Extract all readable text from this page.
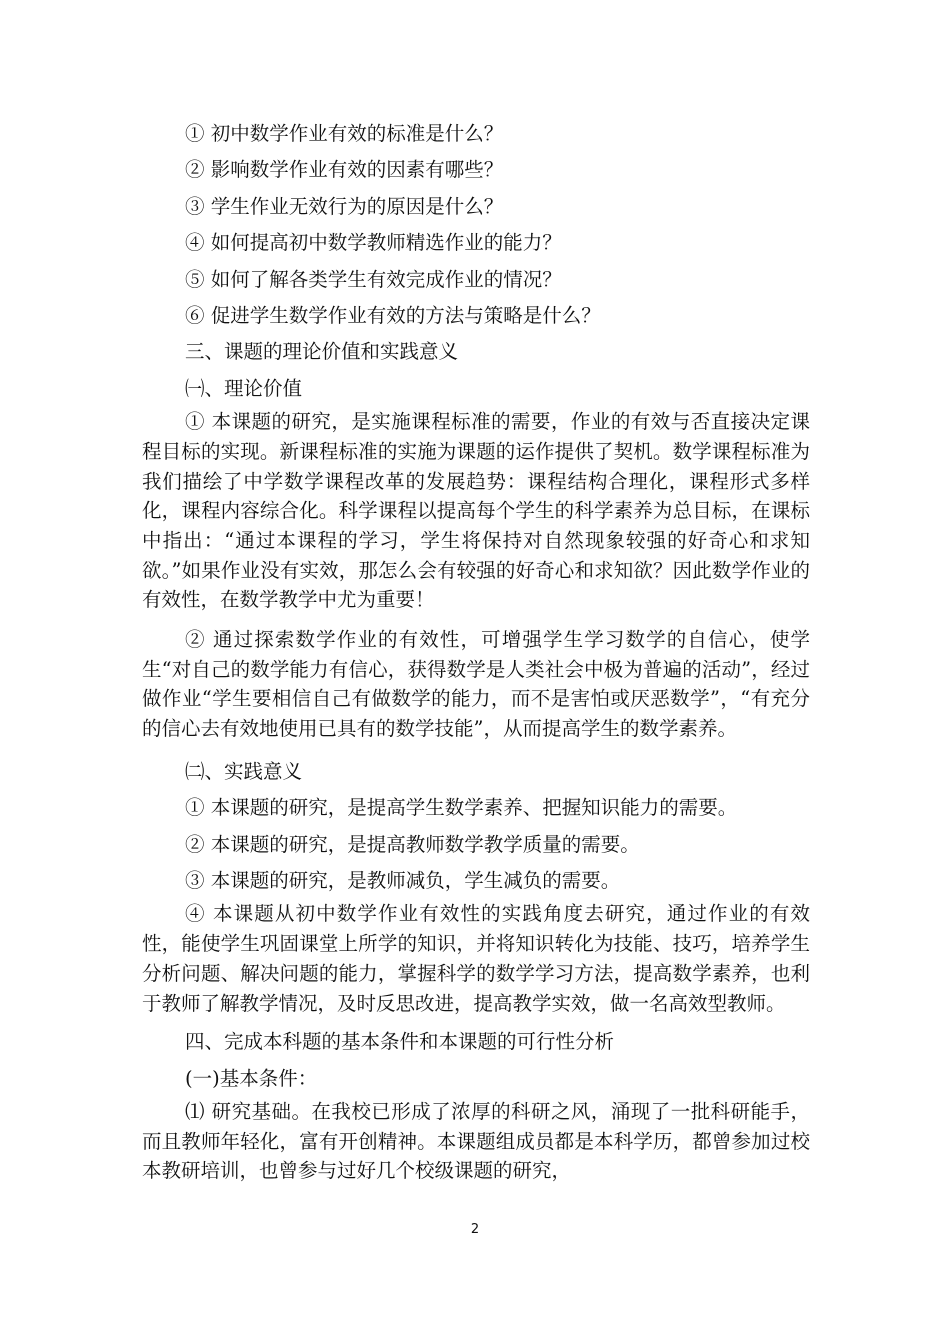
① 初中数学作业有效的标准是什么？

② 影响数学作业有效的因素有哪些？

③ 学生作业无效行为的原因是什么？

④ 如何提高初中数学教师精选作业的能力？

⑤ 如何了解各类学生有效完成作业的情况？

⑥ 促进学生数学作业有效的方法与策略是什么？

三、课题的理论价值和实践意义

㈠、理论价值

① 本课题的研究，是实施课程标准的需要，作业的有效与否直接决定课程目标的实现。新课程标准的实施为课题的运作提供了契机。数学课程标准为我们描绘了中学数学课程改革的发展趋势：课程结构合理化，课程形式多样化，课程内容综合化。科学课程以提高每个学生的科学素养为总目标，在课标中指出：“通过本课程的学习，学生将保持对自然现象较强的好奇心和求知欲。”如果作业没有实效，那怎么会有较强的好奇心和求知欲？因此数学作业的有效性，在数学教学中尤为重要！

② 通过探索数学作业的有效性，可增强学生学习数学的自信心，使学生“对自己的数学能力有信心，获得数学是人类社会中极为普遍的活动”，经过做作业“学生要相信自己有做数学的能力，而不是害怕或厌恶数学”，“有充分的信心去有效地使用已具有的数学技能”，从而提高学生的数学素养。

㈡、实践意义

① 本课题的研究，是提高学生数学素养、把握知识能力的需要。

② 本课题的研究，是提高教师数学教学质量的需要。

③ 本课题的研究，是教师减负，学生减负的需要。

④ 本课题从初中数学作业有效性的实践角度去研究，通过作业的有效性，能使学生巩固课堂上所学的知识，并将知识转化为技能、技巧，培养学生分析问题、解决问题的能力，掌握科学的数学学习方法，提高数学素养，也利于教师了解教学情况，及时反思改进，提高教学实效，做一名高效型教师。

四、完成本科题的基本条件和本课题的可行性分析

(一)基本条件：

⑴ 研究基础。在我校已形成了浓厚的科研之风，涌现了一批科研能手，而且教师年轻化，富有开创精神。本课题组成员都是本科学历，都曾参加过校本教研培训，也曾参与过好几个校级课题的研究，

2
